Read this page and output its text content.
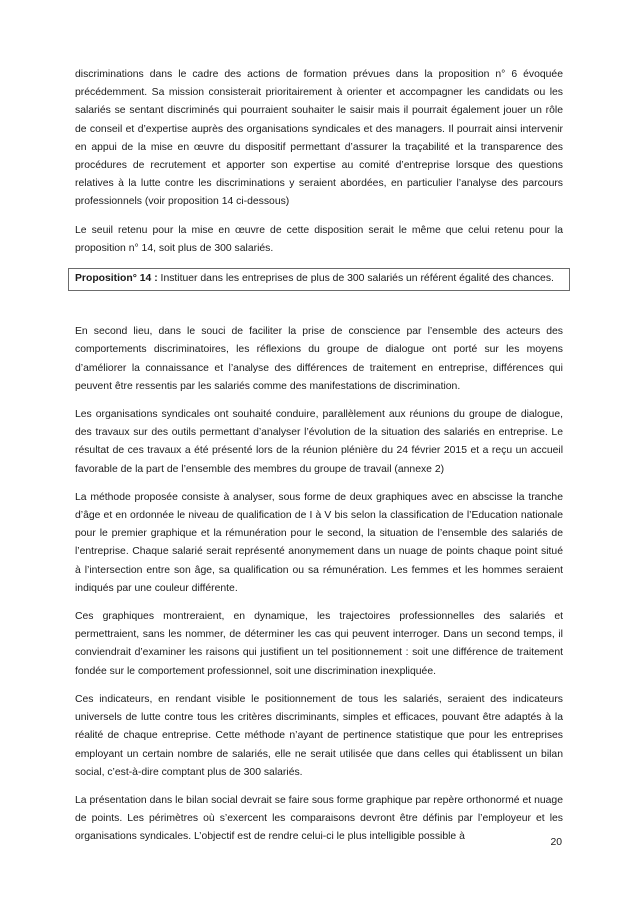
discriminations dans le cadre des actions de formation prévues dans la proposition n° 6 évoquée précédemment. Sa mission consisterait prioritairement à orienter et accompagner les candidats ou les salariés se sentant discriminés qui pourraient souhaiter le saisir mais il pourrait également jouer un rôle de conseil et d’expertise auprès des organisations syndicales et des managers. Il pourrait ainsi intervenir en appui de la mise en œuvre du dispositif permettant d’assurer la traçabilité et la transparence des procédures de recrutement et apporter son expertise au comité d’entreprise lorsque des questions relatives à la lutte contre les discriminations y seraient abordées, en particulier l’analyse des parcours professionnels (voir proposition 14 ci-dessous)

Le seuil retenu pour la mise en œuvre de cette disposition serait le même que celui retenu pour la proposition n° 14, soit plus de 300 salariés.

Proposition° 14 : Instituer dans les entreprises de plus de 300 salariés un référent égalité des chances.

En second lieu, dans le souci de faciliter la prise de conscience par l’ensemble des acteurs des comportements discriminatoires, les réflexions du groupe de dialogue ont porté sur les moyens d’améliorer la connaissance et l’analyse des différences de traitement en entreprise, différences qui peuvent être ressentis par les salariés comme des manifestations de discrimination.

Les organisations syndicales ont souhaité conduire, parallèlement aux réunions du groupe de dialogue, des travaux sur des outils permettant d’analyser l’évolution de la situation des salariés en entreprise. Le résultat de ces travaux a été présenté lors de la réunion plénière du 24 février 2015 et a reçu un accueil favorable de la part de l’ensemble des membres du groupe de travail (annexe 2)

La méthode proposée consiste à analyser, sous forme de deux graphiques avec en abscisse la tranche d’âge et en ordonnée le niveau de qualification de I à V bis selon la classification de l’Education nationale pour le premier graphique et la rémunération pour le second, la situation de l’ensemble des salariés de l’entreprise. Chaque salarié serait représenté anonymement dans un nuage de points chaque point situé à l’intersection entre son âge, sa qualification ou sa rémunération. Les femmes et les hommes seraient indiqués par une couleur différente.

Ces graphiques montreraient, en dynamique, les trajectoires professionnelles des salariés et permettraient, sans les nommer, de déterminer les cas qui peuvent interroger. Dans un second temps, il conviendrait d’examiner les raisons qui justifient un tel positionnement : soit une différence de traitement fondée sur le comportement professionnel, soit une discrimination inexpliquée.

Ces indicateurs, en rendant visible le positionnement de tous les salariés, seraient des indicateurs universels de lutte contre tous les critères discriminants, simples et efficaces, pouvant être adaptés à la réalité de chaque entreprise. Cette méthode n’ayant de pertinence statistique que pour les entreprises employant un certain nombre de salariés, elle ne serait utilisée que dans celles qui établissent un bilan social, c’est-à-dire comptant plus de 300 salariés.

La présentation dans le bilan social devrait se faire sous forme graphique par repère orthonormé et nuage de points. Les périmètres où s’exercent les comparaisons devront être définis par l’employeur et les organisations syndicales. L’objectif est de rendre celui-ci le plus intelligible possible à

20
